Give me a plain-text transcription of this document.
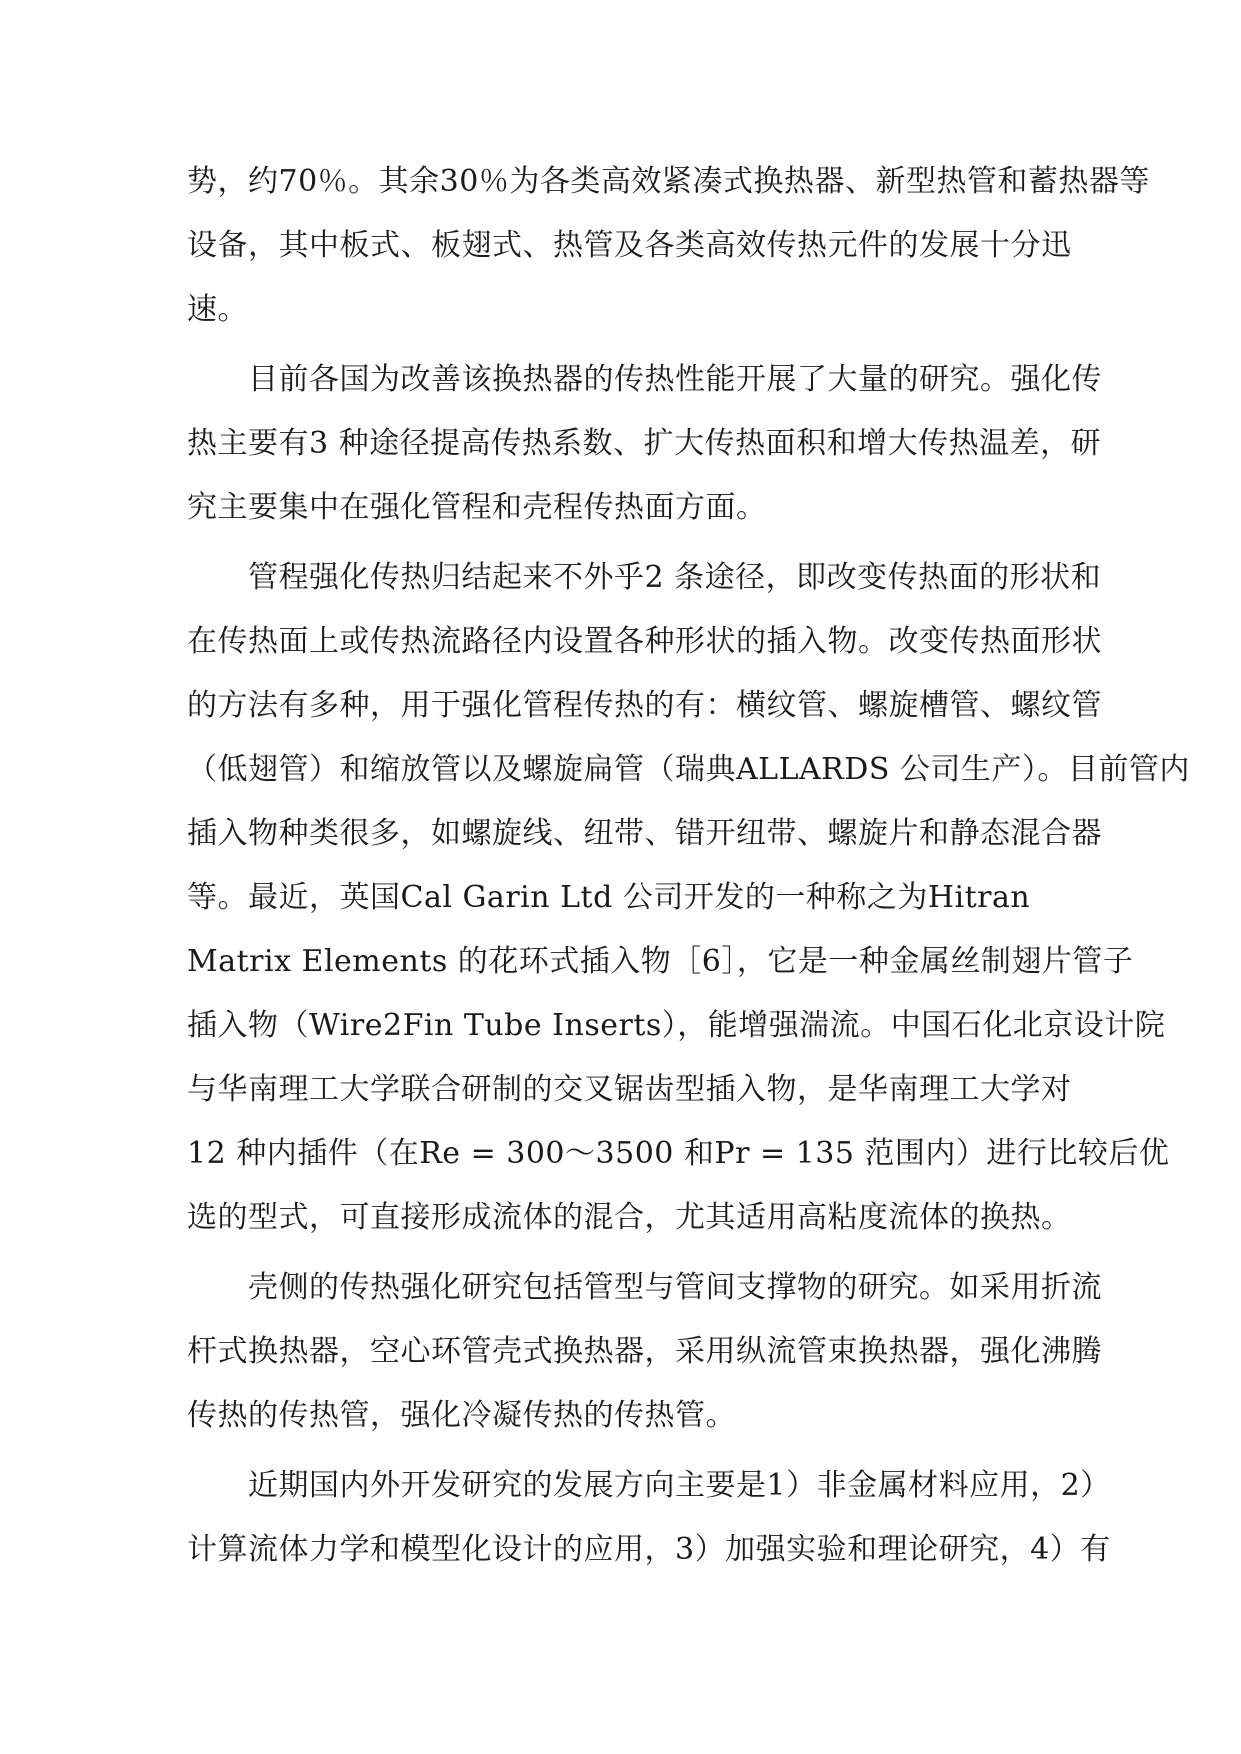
势，约70％。其余30％为各类高效紧凑式换热器、新型热管和蓄热器等
设备，其中板式、板翅式、热管及各类高效传热元件的发展十分迅
速。
　　目前各国为改善该换热器的传热性能开展了大量的研究。强化传
热主要有3 种途径提高传热系数、扩大传热面积和增大传热温差，研
究主要集中在强化管程和壳程传热面方面。
　　管程强化传热归结起来不外乎2 条途径，即改变传热面的形状和
在传热面上或传热流路径内设置各种形状的插入物。改变传热面形状
的方法有多种，用于强化管程传热的有：横纹管、螺旋槽管、螺纹管
（低翅管）和缩放管以及螺旋扁管（瑞典ALLARDS 公司生产）。目前管内
插入物种类很多，如螺旋线、纽带、错开纽带、螺旋片和静态混合器
等。最近，英国Cal Garin Ltd 公司开发的一种称之为Hitran
Matrix Elements 的花环式插入物［6］，它是一种金属丝制翅片管子
插入物（Wire2Fin Tube Inserts），能增强湍流。中国石化北京设计院
与华南理工大学联合研制的交叉锯齿型插入物，是华南理工大学对
12 种内插件（在Re = 300～3500 和Pr = 135 范围内）进行比较后优
选的型式，可直接形成流体的混合，尤其适用高粘度流体的换热。
　　壳侧的传热强化研究包括管型与管间支撑物的研究。如采用折流
杆式换热器，空心环管壳式换热器，采用纵流管束换热器，强化沸腾
传热的传热管，强化冷凝传热的传热管。
　　近期国内外开发研究的发展方向主要是1）非金属材料应用，2）
计算流体力学和模型化设计的应用，3）加强实验和理论研究，4）有
